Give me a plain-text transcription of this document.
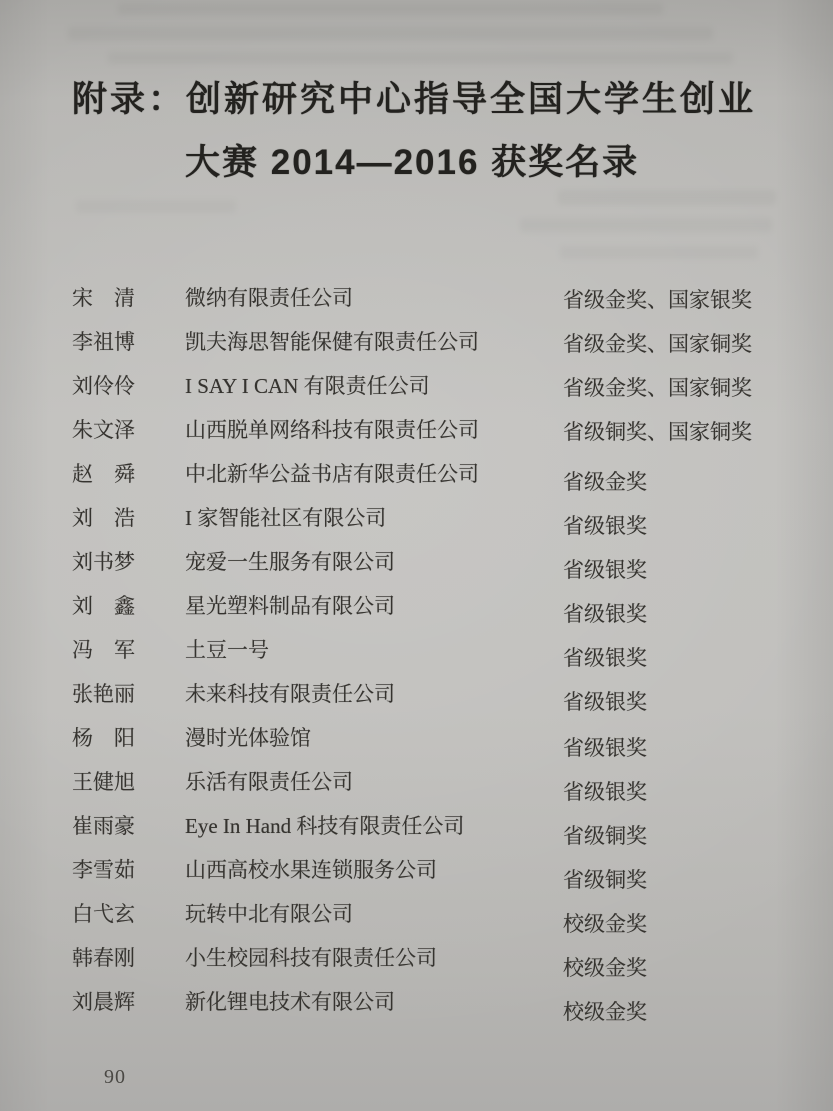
附录：创新研究中心指导全国大学生创业
大赛 2014—2016 获奖名录
宋　清	微纳有限责任公司	省级金奖、国家银奖
李祖博	凯夫海思智能保健有限责任公司	省级金奖、国家铜奖
刘伶伶	I SAY I CAN 有限责任公司	省级金奖、国家铜奖
朱文泽	山西脱单网络科技有限责任公司	省级铜奖、国家铜奖
赵　舜	中北新华公益书店有限责任公司	省级金奖
刘　浩	I 家智能社区有限公司	省级银奖
刘书梦	宠爱一生服务有限公司	省级银奖
刘　鑫	星光塑料制品有限公司	省级银奖
冯　军	土豆一号	省级银奖
张艳丽	未来科技有限责任公司	省级银奖
杨　阳	漫时光体验馆	省级银奖
王健旭	乐活有限责任公司	省级银奖
崔雨豪	Eye In Hand 科技有限责任公司	省级铜奖
李雪茹	山西高校水果连锁服务公司	省级铜奖
白弋玄	玩转中北有限公司	校级金奖
韩春刚	小生校园科技有限责任公司	校级金奖
刘晨辉	新化锂电技术有限公司	校级金奖
90
